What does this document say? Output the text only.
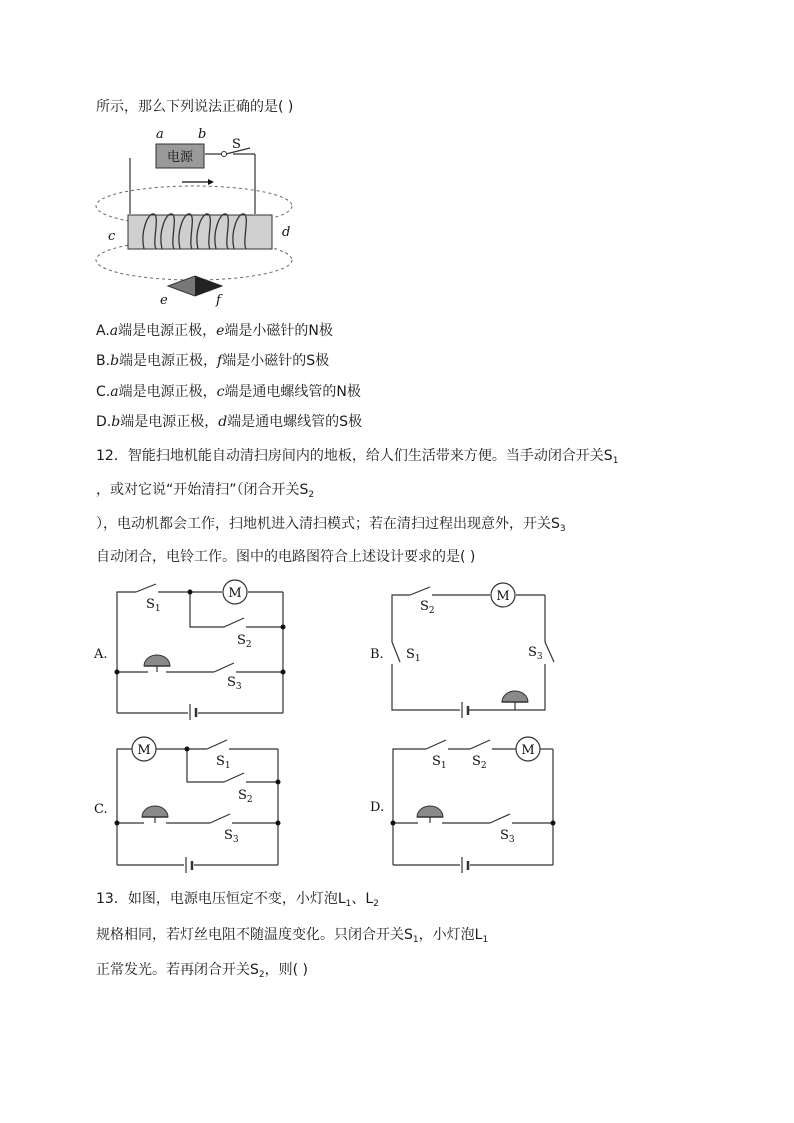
所示，那么下列说法正确的是( )
电源
S
a	b
c	d
e	f
A.a端是电源正极，e端是小磁针的N极
B.b端是电源正极，f端是小磁针的S极
C.a端是电源正极，c端是通电螺线管的N极
D.b端是电源正极，d端是通电螺线管的S极
12．智能扫地机能自动清扫房间内的地板，给人们生活带来方便。当手动闭合开关$S_1$
，或对它说“开始清扫”（闭合开关$S_2$
），电动机都会工作，扫地机进入清扫模式；若在清扫过程出现意外，开关$S_3$
自动闭合，电铃工作。图中的电路图符合上述设计要求的是( )
A.
M
$S_1$
$S_2$
$S_3$
B.
M
$S_2$
$S_1$	$S_3$
C.
M
$S_1$
$S_2$
$S_3$
D.
M
$S_1$ $S_2$
$S_3$
13．如图，电源电压恒定不变，小灯泡$L_1$、$L_2$
规格相同，若灯丝电阻不随温度变化。只闭合开关$S_1$，小灯泡$L_1$
正常发光。若再闭合开关$S_2$，则( )
